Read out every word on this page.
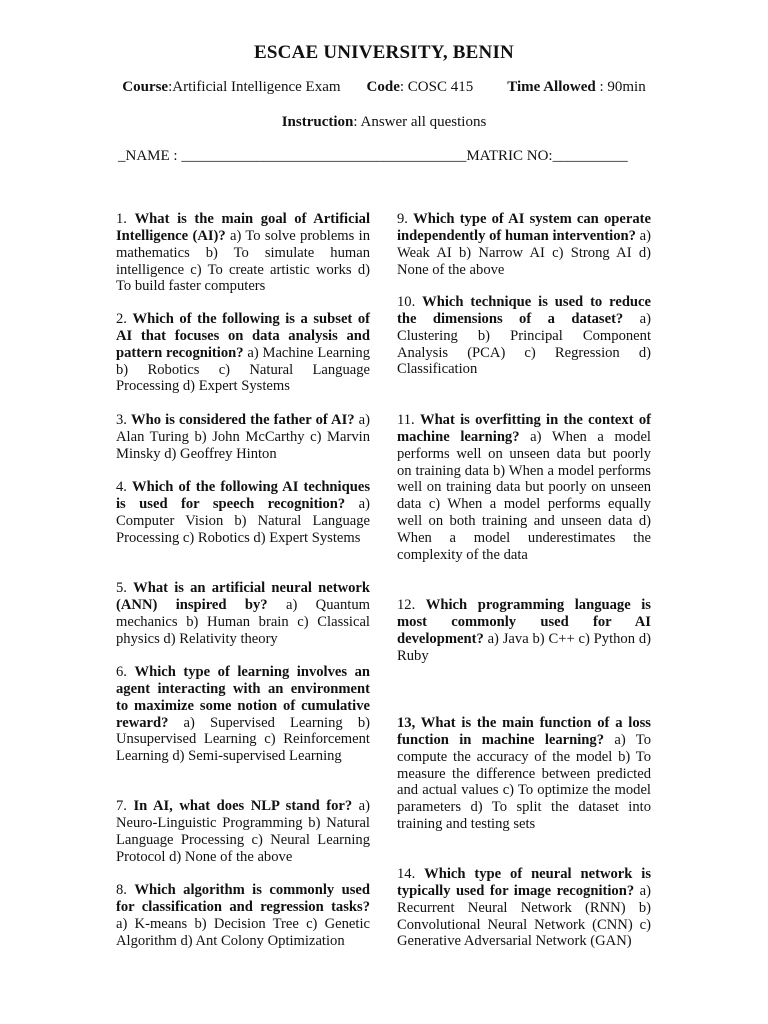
ESCAE UNIVERSITY, BENIN
Course:Artificial Intelligence Exam Code: COSC 415 Time Allowed : 90min
Instruction: Answer all questions
_NAME : ______________________________________MATRIC NO:__________
1. What is the main goal of Artificial Intelligence (AI)? a) To solve problems in mathematics b) To simulate human intelligence c) To create artistic works d) To build faster computers
2. Which of the following is a subset of AI that focuses on data analysis and pattern recognition? a) Machine Learning b) Robotics c) Natural Language Processing d) Expert Systems
3. Who is considered the father of AI? a) Alan Turing b) John McCarthy c) Marvin Minsky d) Geoffrey Hinton
4. Which of the following AI techniques is used for speech recognition? a) Computer Vision b) Natural Language Processing c) Robotics d) Expert Systems
5. What is an artificial neural network (ANN) inspired by? a) Quantum mechanics b) Human brain c) Classical physics d) Relativity theory
6. Which type of learning involves an agent interacting with an environment to maximize some notion of cumulative reward? a) Supervised Learning b) Unsupervised Learning c) Reinforcement Learning d) Semi-supervised Learning
7. In AI, what does NLP stand for? a) Neuro-Linguistic Programming b) Natural Language Processing c) Neural Learning Protocol d) None of the above
8. Which algorithm is commonly used for classification and regression tasks? a) K-means b) Decision Tree c) Genetic Algorithm d) Ant Colony Optimization
9. Which type of AI system can operate independently of human intervention? a) Weak AI b) Narrow AI c) Strong AI d) None of the above
10. Which technique is used to reduce the dimensions of a dataset? a) Clustering b) Principal Component Analysis (PCA) c) Regression d) Classification
11. What is overfitting in the context of machine learning? a) When a model performs well on unseen data but poorly on training data b) When a model performs well on training data but poorly on unseen data c) When a model performs equally well on both training and unseen data d) When a model underestimates the complexity of the data
12. Which programming language is most commonly used for AI development? a) Java b) C++ c) Python d) Ruby
13, What is the main function of a loss function in machine learning? a) To compute the accuracy of the model b) To measure the difference between predicted and actual values c) To optimize the model parameters d) To split the dataset into training and testing sets
14. Which type of neural network is typically used for image recognition? a) Recurrent Neural Network (RNN) b) Convolutional Neural Network (CNN) c) Generative Adversarial Network (GAN)
